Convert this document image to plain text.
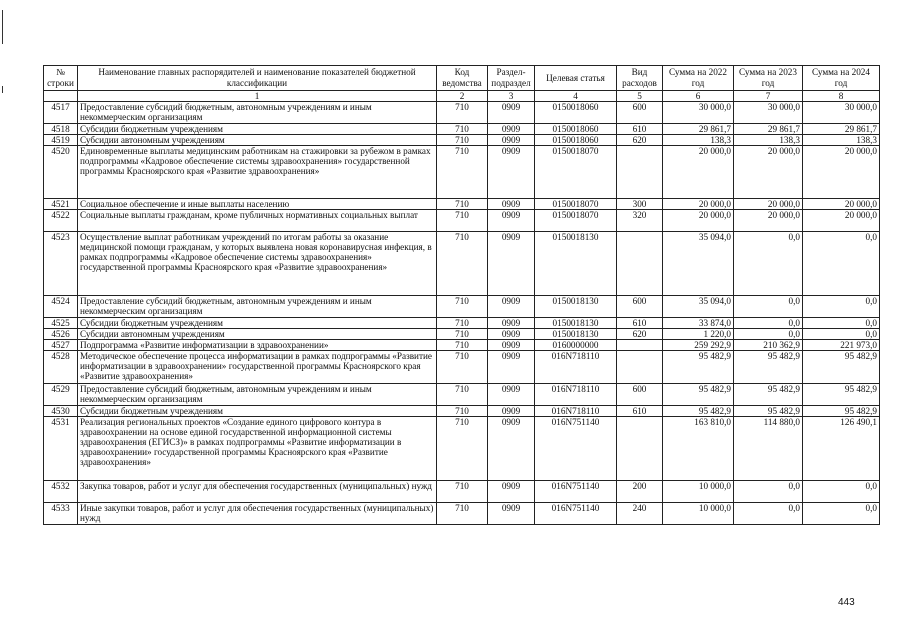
№ строки	Наименование главных распорядителей и наименование показателей бюджетной классификации	Код ведомства	Раздел-подраздел	Целевая статья	Вид расходов	Сумма на 2022 год	Сумма на 2023 год	Сумма на 2024 год
	1	2	3	4	5	6	7	8
4517	Предоставление субсидий бюджетным, автономным учреждениям и иным некоммерческим организациям	710	0909	0150018060	600	30 000,0	30 000,0	30 000,0
4518	Субсидии бюджетным учреждениям	710	0909	0150018060	610	29 861,7	29 861,7	29 861,7
4519	Субсидии автономным учреждениям	710	0909	0150018060	620	138,3	138,3	138,3
4520	Единовременные выплаты медицинским работникам на стажировки за рубежом в рамках подпрограммы «Кадровое обеспечение системы здравоохранения» государственной программы Красноярского края «Развитие здравоохранения»	710	0909	0150018070		20 000,0	20 000,0	20 000,0
4521	Социальное обеспечение и иные выплаты населению	710	0909	0150018070	300	20 000,0	20 000,0	20 000,0
4522	Социальные выплаты гражданам, кроме публичных нормативных социальных выплат	710	0909	0150018070	320	20 000,0	20 000,0	20 000,0
4523	Осуществление выплат работникам учреждений по итогам работы за оказание медицинской помощи гражданам, у которых выявлена новая коронавирусная инфекция, в рамках подпрограммы «Кадровое обеспечение системы здравоохранения» государственной программы Красноярского края «Развитие здравоохранения»	710	0909	0150018130		35 094,0	0,0	0,0
4524	Предоставление субсидий бюджетным, автономным учреждениям и иным некоммерческим организациям	710	0909	0150018130	600	35 094,0	0,0	0,0
4525	Субсидии бюджетным учреждениям	710	0909	0150018130	610	33 874,0	0,0	0,0
4526	Субсидии автономным учреждениям	710	0909	0150018130	620	1 220,0	0,0	0,0
4527	Подпрограмма «Развитие информатизации в здравоохранении»	710	0909	0160000000		259 292,9	210 362,9	221 973,0
4528	Методическое обеспечение процесса информатизации в рамках подпрограммы «Развитие информатизации в здравоохранении» государственной программы Красноярского края «Развитие здравоохранения»	710	0909	016N718110		95 482,9	95 482,9	95 482,9
4529	Предоставление субсидий бюджетным, автономным учреждениям и иным некоммерческим организациям	710	0909	016N718110	600	95 482,9	95 482,9	95 482,9
4530	Субсидии бюджетным учреждениям	710	0909	016N718110	610	95 482,9	95 482,9	95 482,9
4531	Реализация региональных проектов «Создание единого цифрового контура в здравоохранении на основе единой государственной информационной системы здравоохранения (ЕГИСЗ)» в рамках подпрограммы «Развитие информатизации в здравоохранении» государственной программы Красноярского края «Развитие здравоохранения»	710	0909	016N751140		163 810,0	114 880,0	126 490,1
4532	Закупка товаров, работ и услуг для обеспечения государственных (муниципальных) нужд	710	0909	016N751140	200	10 000,0	0,0	0,0
4533	Иные закупки товаров, работ и услуг для обеспечения государственных (муниципальных) нужд	710	0909	016N751140	240	10 000,0	0,0	0,0
443
